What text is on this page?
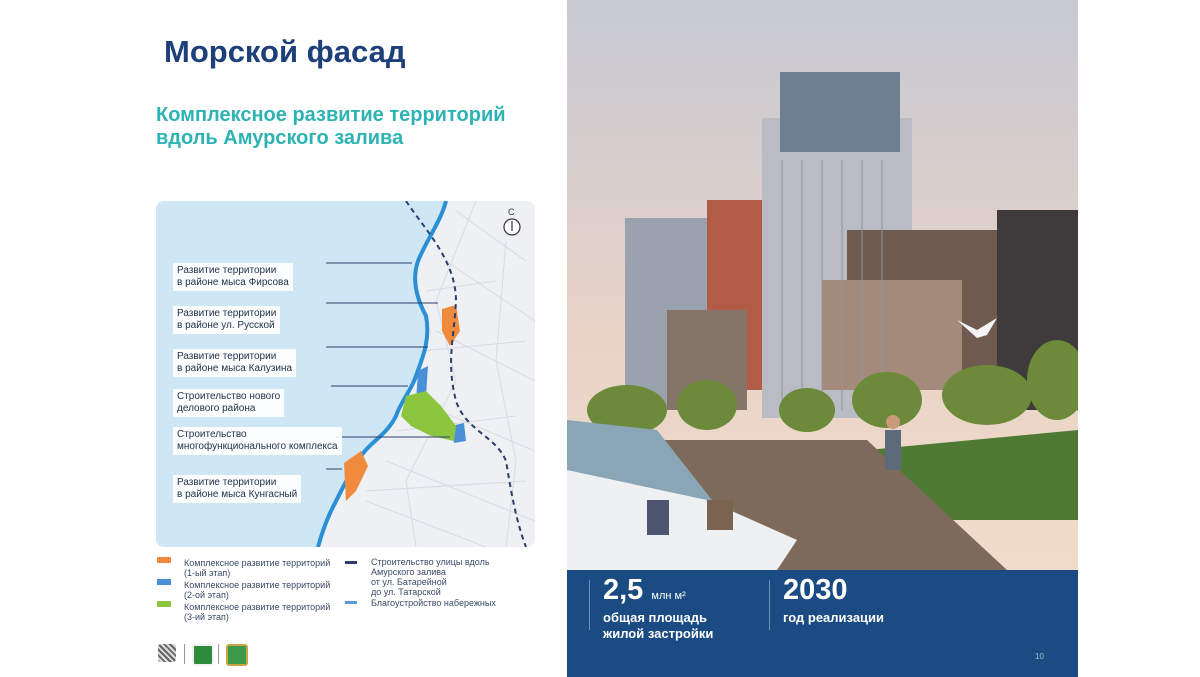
Морской фасад
Комплексное развитие территорий
вдоль Амурского залива
С
Развитие территории
в районе мыса Фирсова
Развитие территории
в районе ул. Русской
Развитие территории
в районе мыса Калузина
Строительство нового
делового района
Строительство
многофункционального комплекса
Развитие территории
в районе мыса Кунгасный
Комплексное развитие территорий
(1-ый этап)
Комплексное развитие территорий
(2-ой этап)
Комплексное развитие территорий
(3-ий этап)
Строительство улицы вдоль
Амурского залива
от ул. Батарейной
до ул. Татарской
Благоустройство набережных	2,5 млн м²
общая площадь
жилой застройки
2030
год реализации
10
